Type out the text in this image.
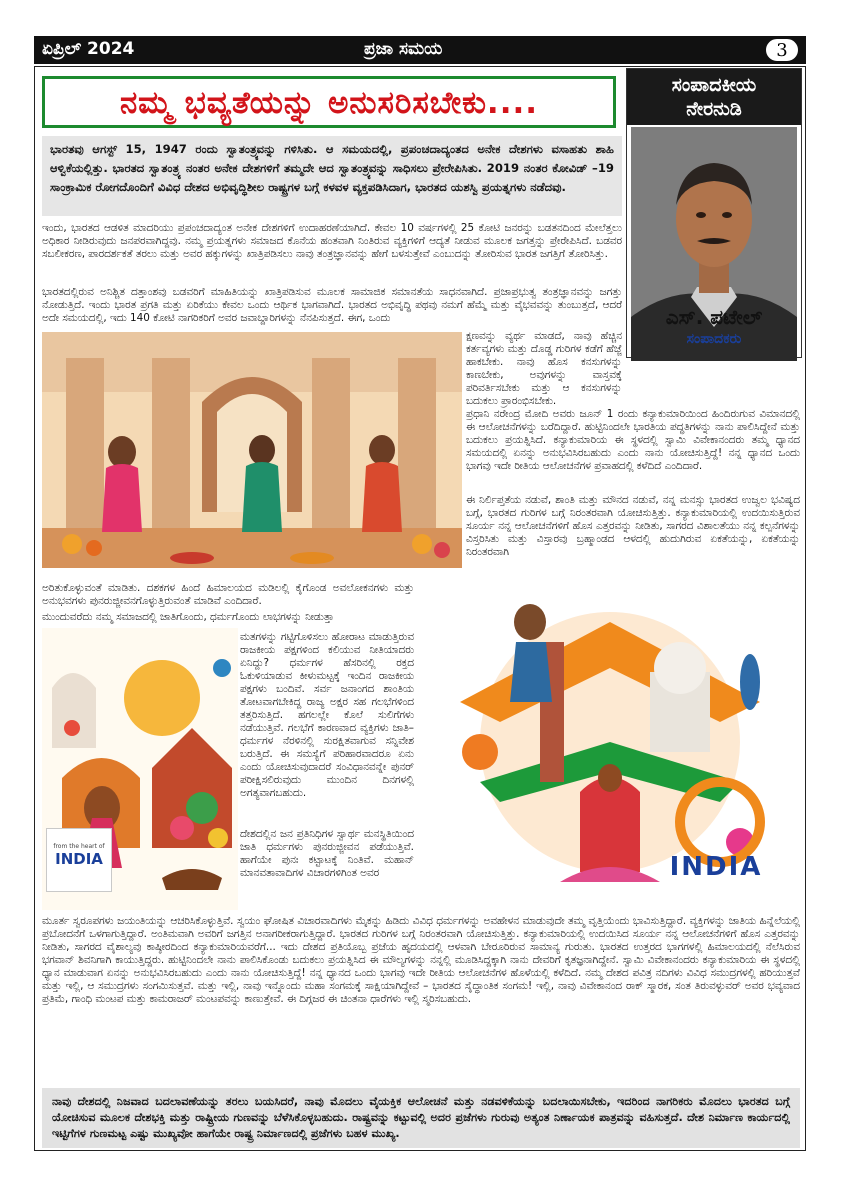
ಏಪ್ರಿಲ್ 2024	ಪ್ರಜಾ ಸಮಯ	3
ನಮ್ಮ ಭವ್ಯತೆಯನ್ನು ಅನುಸರಿಸಬೇಕು....
ಭಾರತವು ಆಗಸ್ಟ್ 15, 1947 ರಂದು ಸ್ವಾತಂತ್ರ್ಯವನ್ನು ಗಳಿಸಿತು. ಆ ಸಮಯದಲ್ಲಿ, ಪ್ರಪಂಚದಾದ್ಯಂತದ ಅನೇಕ ದೇಶಗಳು ವಸಾಹತು ಶಾಹಿ ಆಳ್ವಿಕೆಯಲ್ಲಿತ್ತು. ಭಾರತದ ಸ್ವಾತಂತ್ರ್ಯ ನಂತರ ಅನೇಕ ದೇಶಗಳಿಗೆ ತಮ್ಮದೇ ಆದ ಸ್ವಾತಂತ್ರ್ಯವನ್ನು ಸಾಧಿಸಲು ಪ್ರೇರೇಪಿಸಿತು. 2019 ನಂತರ ಕೋವಿಡ್ –19 ಸಾಂಕ್ರಾಮಿಕ ರೋಗದೊಂದಿಗೆ ವಿವಿಧ ದೇಶದ ಅಭಿವೃದ್ಧಿಶೀಲ ರಾಷ್ಟ್ರಗಳ ಬಗ್ಗೆ ಕಳವಳ ವ್ಯಕ್ತಪಡಿಸಿದಾಗ, ಭಾರತದ ಯಶಸ್ವಿ ಪ್ರಯತ್ನಗಳು ನಡೆದವು.
ಸಂಪಾದಕೀಯ
ನೇರನುಡಿ
ಎಸ್. ಪಟೇಲ್
ಸಂಪಾದಕರು
ಇಂದು, ಭಾರತದ ಆಡಳಿತ ಮಾದರಿಯು ಪ್ರಪಂಚದಾದ್ಯಂತ ಅನೇಕ ದೇಶಗಳಿಗೆ ಉದಾಹರಣೆಯಾಗಿದೆ. ಕೇವಲ 10 ವರ್ಷಗಳಲ್ಲಿ 25 ಕೋಟಿ ಜನರನ್ನು ಬಡತನದಿಂದ ಮೇಲೆತ್ತಲು ಅಧಿಕಾರ ನೀಡಿರುವುದು ಜನಪರವಾಗಿದ್ದವು. ನಮ್ಮ ಪ್ರಯತ್ನಗಳು ಸಮಾಜದ ಕೊನೆಯ ಹಂತವಾಗಿ ನಿಂತಿರುವ ವ್ಯಕ್ತಿಗಳಿಗೆ ಆದ್ಯತೆ ನೀಡುವ ಮೂಲಕ ಜಗತ್ತನ್ನು ಪ್ರೇರೇಪಿಸಿದೆ. ಬಡವರ ಸಬಲೀಕರಣ, ಪಾರದರ್ಶಕತೆ ತರಲು ಮತ್ತು ಅವರ ಹಕ್ಕುಗಳನ್ನು ಖಾತ್ರಿಪಡಿಸಲು ನಾವು ತಂತ್ರಜ್ಞಾನವನ್ನು ಹೇಗೆ ಬಳಸುತ್ತೇವೆ ಎಂಬುದನ್ನು ತೋರಿಸುವ ಭಾರತ ಜಗತ್ತಿಗೆ ತೋರಿಸಿತ್ತು.
ಭಾರತದಲ್ಲಿರುವ ಅನಿಶ್ಚಿತ ದತ್ತಾಂಶವು ಬಡವರಿಗೆ ಮಾಹಿತಿಯನ್ನು ಖಾತ್ರಿಪಡಿಸುವ ಮೂಲಕ ಸಾಮಾಜಿಕ ಸಮಾನತೆಯ ಸಾಧನವಾಗಿದೆ. ಪ್ರಜಾಪ್ರಭುತ್ವ ತಂತ್ರಜ್ಞಾನವನ್ನು ಜಗತ್ತು ನೋಡುತ್ತಿದೆ. ಇಂದು ಭಾರತ ಪ್ರಗತಿ ಮತ್ತು ಏರಿಕೆಯು ಕೇವಲ ಒಂದು ಆರ್ಥಿಕ ಭಾಗವಾಗಿದೆ. ಭಾರತದ ಅಭಿವೃದ್ಧಿ ಪಥವು ನಮಗೆ ಹೆಮ್ಮೆ ಮತ್ತು ವೈಭವವನ್ನು ತುಂಬುತ್ತದೆ, ಆದರೆ ಅದೇ ಸಮಯದಲ್ಲಿ, ಇದು 140 ಕೋಟಿ ನಾಗರಿಕರಿಗೆ ಅವರ ಜವಾಬ್ದಾರಿಗಳನ್ನು ನೆನಪಿಸುತ್ತದೆ. ಈಗ, ಒಂದು
ಕ್ಷಣವನ್ನು ವ್ಯರ್ಥ ಮಾಡದೆ, ನಾವು ಹೆಚ್ಚಿನ ಕರ್ತವ್ಯಗಳು ಮತ್ತು ದೊಡ್ಡ ಗುರಿಗಳ ಕಡೆಗೆ ಹೆಜ್ಜೆ ಹಾಕಬೇಕು. ನಾವು ಹೊಸ ಕನಸುಗಳನ್ನು ಕಾಣಬೇಕು, ಅವುಗಳನ್ನು ವಾಸ್ತವಕ್ಕೆ ಪರಿವರ್ತಿಸಬೇಕು ಮತ್ತು ಆ ಕನಸುಗಳನ್ನು ಬದುಕಲು ಪ್ರಾರಂಭಿಸಬೇಕು.
ಪ್ರಧಾನಿ ನರೇಂದ್ರ ಮೋದಿ ಅವರು ಜೂನ್ 1 ರಂದು ಕನ್ಯಾಕುಮಾರಿಯಿಂದ ಹಿಂದಿರುಗುವ ವಿಮಾನದಲ್ಲಿ ಈ ಆಲೋಚನೆಗಳನ್ನು ಬರೆದಿದ್ದಾರೆ. ಹುಟ್ಟಿನಿಂದಲೇ ಭಾರತಿಯ ಪದ್ಧತಿಗಳನ್ನು ನಾನು ಪಾಲಿಸಿದ್ದೇನೆ ಮತ್ತು ಬದುಕಲು ಪ್ರಯತ್ನಿಸಿದೆ. ಕನ್ಯಾಕುಮಾರಿಯ ಈ ಸ್ಥಳದಲ್ಲಿ ಸ್ವಾಮಿ ವಿವೇಕಾನಂದರು ತಮ್ಮ ಧ್ಯಾನದ ಸಮಯದಲ್ಲಿ ಏನನ್ನು ಅನುಭವಿಸಿರಬಹುದು ಎಂದು ನಾನು ಯೋಚಿಸುತ್ತಿದ್ದೆ! ನನ್ನ ಧ್ಯಾನದ ಒಂದು ಭಾಗವು ಇದೇ ರೀತಿಯ ಆಲೋಚನೆಗಳ ಪ್ರವಾಹದಲ್ಲಿ ಕಳೆದಿದೆ ಎಂದಿದಾರೆ.
ಈ ನಿರ್ಲಿಪ್ತತೆಯ ನಡುವೆ, ಶಾಂತಿ ಮತ್ತು ಮೌನದ ನಡುವೆ, ನನ್ನ ಮನಸ್ಸು ಭಾರತದ ಉಜ್ವಲ ಭವಿಷ್ಯದ ಬಗ್ಗೆ, ಭಾರತದ ಗುರಿಗಳ ಬಗ್ಗೆ ನಿರಂತರವಾಗಿ ಯೋಚಿಸುತ್ತಿತ್ತು. ಕನ್ಯಾಕುಮಾರಿಯಲ್ಲಿ ಉದಯಿಸುತ್ತಿರುವ ಸೂರ್ಯ ನನ್ನ ಆಲೋಚನೆಗಳಿಗೆ ಹೊಸ ಎತ್ತರವನ್ನು ನೀಡಿತು, ಸಾಗರದ ವಿಶಾಲತೆಯು ನನ್ನ ಕಲ್ಪನೆಗಳನ್ನು ವಿಸ್ತರಿಸಿತು ಮತ್ತು ವಿಸ್ತಾರವು ಬ್ರಹ್ಮಾಂಡದ ಆಳದಲ್ಲಿ ಹುದುಗಿರುವ ಏಕತೆಯನ್ನು, ಏಕತೆಯನ್ನು ನಿರಂತರವಾಗಿ
ಅರಿತುಕೊಳ್ಳುವಂತೆ ಮಾಡಿತು. ದಶಕಗಳ ಹಿಂದೆ ಹಿಮಾಲಯದ ಮಡಿಲಲ್ಲಿ ಕೈಗೊಂಡ ಅವಲೋಕನಗಳು ಮತ್ತು ಅನುಭವಗಳು ಪುನರುಜ್ಜೀವನಗೊಳ್ಳುತ್ತಿರುವಂತೆ ಮಾಡಿವೆ ಎಂದಿದಾರೆ.
ಮುಂದುವರೆದು ನಮ್ಮ ಸಮಾಜದಲ್ಲಿ ಜಾತಿಗೊಂದು, ಧರ್ಮಗೊಂದು ಲಾಭಗಳನ್ನು ನೀಡುತ್ತಾ
from the heart of
INDIA
ಮತಗಳನ್ನು ಗಟ್ಟಿಗೊಳಿಸಲು ಹೋರಾಟ ಮಾಡುತ್ತಿರುವ ರಾಜಕೀಯ ಪಕ್ಷಗಳಿಂದ ಕಲಿಯುವ ನೀತಿಯಾದರು ಏನಿದ್ದು? ಧರ್ಮಗಳ ಹೆಸರಿನಲ್ಲಿ ರಕ್ತದ ಓಕುಳಿಯಾಡುವ ಕೀಳುಮಟ್ಟಕ್ಕೆ ಇಂದಿನ ರಾಜಕೀಯ ಪಕ್ಷಗಳು ಬಂದಿವೆ. ಸರ್ವ ಜನಾಂಗದ ಶಾಂತಿಯ ತೋಟವಾಗಬೇಕಿದ್ದ ರಾಜ್ಯ ಅಕ್ಷರ ಸಹ ಗಲಭೆಗಳಿಂದ ತತ್ತರಿಸುತ್ತಿದೆ. ಹಗಲಲ್ಲೇ ಕೊಲೆ ಸುಲಿಗೆಗಳು ನಡೆಯುತ್ತಿವೆ. ಗಲಭೆಗೆ ಕಾರಣವಾದ ವ್ಯಕ್ತಿಗಳು ಜಾತಿ–ಧರ್ಮಗಳ ನೆರಳಿನಲ್ಲಿ ಸುರಕ್ಷಿತವಾಗುವ ಸನ್ನಿವೇಶ ಬರುತ್ತಿದೆ. ಈ ಸಮಸ್ಯೆಗೆ ಪರಿಹಾರವಾದರೂ ಏನು ಎಂದು ಯೋಚಿಸುವುದಾದರೆ ಸಂವಿಧಾನವನ್ನೇ ಪುನರ್ ಪರೀಕ್ಷಿಸಲಿರುವುದು ಮುಂದಿನ ದಿನಗಳಲ್ಲಿ ಅಗತ್ಯವಾಗಬಹುದು.
ದೇಶದಲ್ಲಿನ ಜನ ಪ್ರತಿನಿಧಿಗಳ ಸ್ವಾರ್ಥ ಮನಸ್ಥಿತಿಯಿಂದ ಜಾತಿ ಧರ್ಮಗಳು ಪುನರುಜ್ಜೀವನ ಪಡೆಯುತ್ತಿವೆ. ಹಾಗೆಯೇ ಪುನಃ ಕಟ್ಟಾಟಕ್ಕೆ ನಿಂತಿವೆ. ಮಹಾನ್ ಮಾನವತಾವಾದಿಗಳ ವಿಚಾರಗಳಿಗಿಂತ ಅವರ	INDIA
ಮೂರ್ತ ಸ್ವರೂಪಗಳು ಜಯಂತಿಯನ್ನು ಆಚರಿಸಿಕೊಳ್ಳುತ್ತಿವೆ. ಸ್ವಯಂ ಘೋಷಿತ ವಿಚಾರವಾದಿಗಳು ಮೈಕನ್ನು ಹಿಡಿದು ವಿವಿಧ ಧರ್ಮಗಳನ್ನು ಅವಹೇಳನ ಮಾಡುವುದೇ ತಮ್ಮ ವೃತ್ತಿಯೆಂದು ಭಾವಿಸುತ್ತಿದ್ದಾರೆ. ವ್ಯಕ್ತಿಗಳನ್ನು ಜಾತಿಯ ಹಿನ್ನೆಲೆಯಲ್ಲಿ ಪ್ರಬೋದನೆಗೆ ಒಳಗಾಗುತ್ತಿದ್ದಾರೆ. ಅಂತಿಮವಾಗಿ ಅವರಿಗೆ ಜಗತ್ತಿನ ಅನಾಗರೀಕರಾಗುತ್ತಿದ್ದಾರೆ. ಭಾರತದ ಗುರಿಗಳ ಬಗ್ಗೆ ನಿರಂತರವಾಗಿ ಯೋಚಿಸುತ್ತಿತ್ತು. ಕನ್ಯಾಕುಮಾರಿಯಲ್ಲಿ ಉದಯಿಸಿದ ಸೂರ್ಯ ನನ್ನ ಆಲೋಚನೆಗಳಿಗೆ ಹೊಸ ಎತ್ತರವನ್ನು ನೀಡಿತು, ಸಾಗರದ ವೈಶಾಲ್ಯವು ಕಾಷ್ಠೀರದಿಂದ ಕನ್ಯಾಕುಮಾರಿಯವರೆಗೆ... ಇದು ದೇಶದ ಪ್ರತಿಯೊಬ್ಬ ಪ್ರಜೆಯ ಹೃದಯದಲ್ಲಿ ಆಳವಾಗಿ ಬೇರೂರಿರುವ ಸಾಮಾನ್ಯ ಗುರುತು. ಭಾರತದ ಉತ್ತರದ ಭಾಗಗಳಲ್ಲಿ ಹಿಮಾಲಯದಲ್ಲಿ ನೆಲೆಸಿರುವ ಭಗವಾನ್ ಶಿವನಿಗಾಗಿ ಕಾಯುತ್ತಿದ್ದರು. ಹುಟ್ಟಿನಿಂದಲೇ ನಾನು ಪಾಲಿಸಿಕೊಂಡು ಬದುಕಲು ಪ್ರಯತ್ನಿಸಿದ ಈ ಮೌಲ್ಯಗಳನ್ನು ನನ್ನಲ್ಲಿ ಮೂಡಿಸಿದ್ದಕ್ಕಾಗಿ ನಾನು ದೇವರಿಗೆ ಕೃತಜ್ಞನಾಗಿದ್ದೇನೆ. ಸ್ವಾಮಿ ವಿವೇಕಾನಂದರು ಕನ್ಯಾಕುಮಾರಿಯ ಈ ಸ್ಥಳದಲ್ಲಿ ಧ್ಯಾನ ಮಾಡುವಾಗ ಏನನ್ನು ಅನುಭವಿಸಿರಬಹುದು ಎಂದು ನಾನು ಯೋಚಿಸುತ್ತಿದ್ದೆ! ನನ್ನ ಧ್ಯಾನದ ಒಂದು ಭಾಗವು ಇದೇ ರೀತಿಯ ಆಲೋಚನೆಗಳ ಹೊಳೆಯಲ್ಲಿ ಕಳೆದಿದೆ. ನಮ್ಮ ದೇಶದ ಪವಿತ್ರ ನದಿಗಳು ವಿವಿಧ ಸಮುದ್ರಗಳಲ್ಲಿ ಹರಿಯುತ್ತವೆ ಮತ್ತು ಇಲ್ಲಿ, ಆ ಸಮುದ್ರಗಳು ಸಂಗಮಿಸುತ್ತವೆ. ಮತ್ತು ಇಲ್ಲಿ, ನಾವು ಇನ್ನೊಂದು ಮಹಾ ಸಂಗಮಕ್ಕೆ ಸಾಕ್ಷಿಯಾಗಿದ್ದೇವೆ – ಭಾರತದ ಸೈದ್ಧಾಂತಿಕ ಸಂಗಮ! ಇಲ್ಲಿ, ನಾವು ವಿವೇಕಾನಂದ ರಾಕ್ ಸ್ಮಾರಕ, ಸಂತ ತಿರುವಳ್ಳುವರ್ ಅವರ ಭವ್ಯವಾದ ಪ್ರತಿಮೆ, ಗಾಂಧಿ ಮಂಟಪ ಮತ್ತು ಕಾಮರಾಜರ್ ಮಂಟಪವನ್ನು ಕಾಣುತ್ತೇವೆ. ಈ ದಿಗ್ಗಜರ ಈ ಚಿಂತನಾ ಧಾರೆಗಳು ಇಲ್ಲಿ ಸ್ಮರಿಸಬಹುದು.
ನಾವು ದೇಶದಲ್ಲಿ ನಿಜವಾದ ಬದಲಾವಣೆಯನ್ನು ತರಲು ಬಯಸಿದರೆ, ನಾವು ಮೊದಲು ವೈಯಕ್ತಿಕ ಆಲೋಚನೆ ಮತ್ತು ನಡವಳಿಕೆಯನ್ನು ಬದಲಾಯಿಸಬೇಕು, ಇದರಿಂದ ನಾಗರಿಕರು ಮೊದಲು ಭಾರತದ ಬಗ್ಗೆ ಯೋಚಿಸುವ ಮೂಲಕ ದೇಶಭಕ್ತಿ ಮತ್ತು ರಾಷ್ಟ್ರೀಯ ಗುಣವನ್ನು ಬೆಳೆಸಿಕೊಳ್ಳಬಹುದು. ರಾಷ್ಟ್ರವನ್ನು ಕಟ್ಟುವಲ್ಲಿ ಅದರ ಪ್ರಜೆಗಳು ಗುರುವು ಅತ್ಯಂತ ನಿರ್ಣಾಯಕ ಪಾತ್ರವನ್ನು ವಹಿಸುತ್ತದೆ. ದೇಶ ನಿರ್ಮಾಣ ಕಾರ್ಯದಲ್ಲಿ ಇಟ್ಟಿಗೆಗಳ ಗುಣಮಟ್ಟ ಎಷ್ಟು ಮುಖ್ಯವೋ ಹಾಗೆಯೇ ರಾಷ್ಟ್ರ ನಿರ್ಮಾಣದಲ್ಲಿ ಪ್ರಜೆಗಳು ಬಹಳ ಮುಖ್ಯ.
